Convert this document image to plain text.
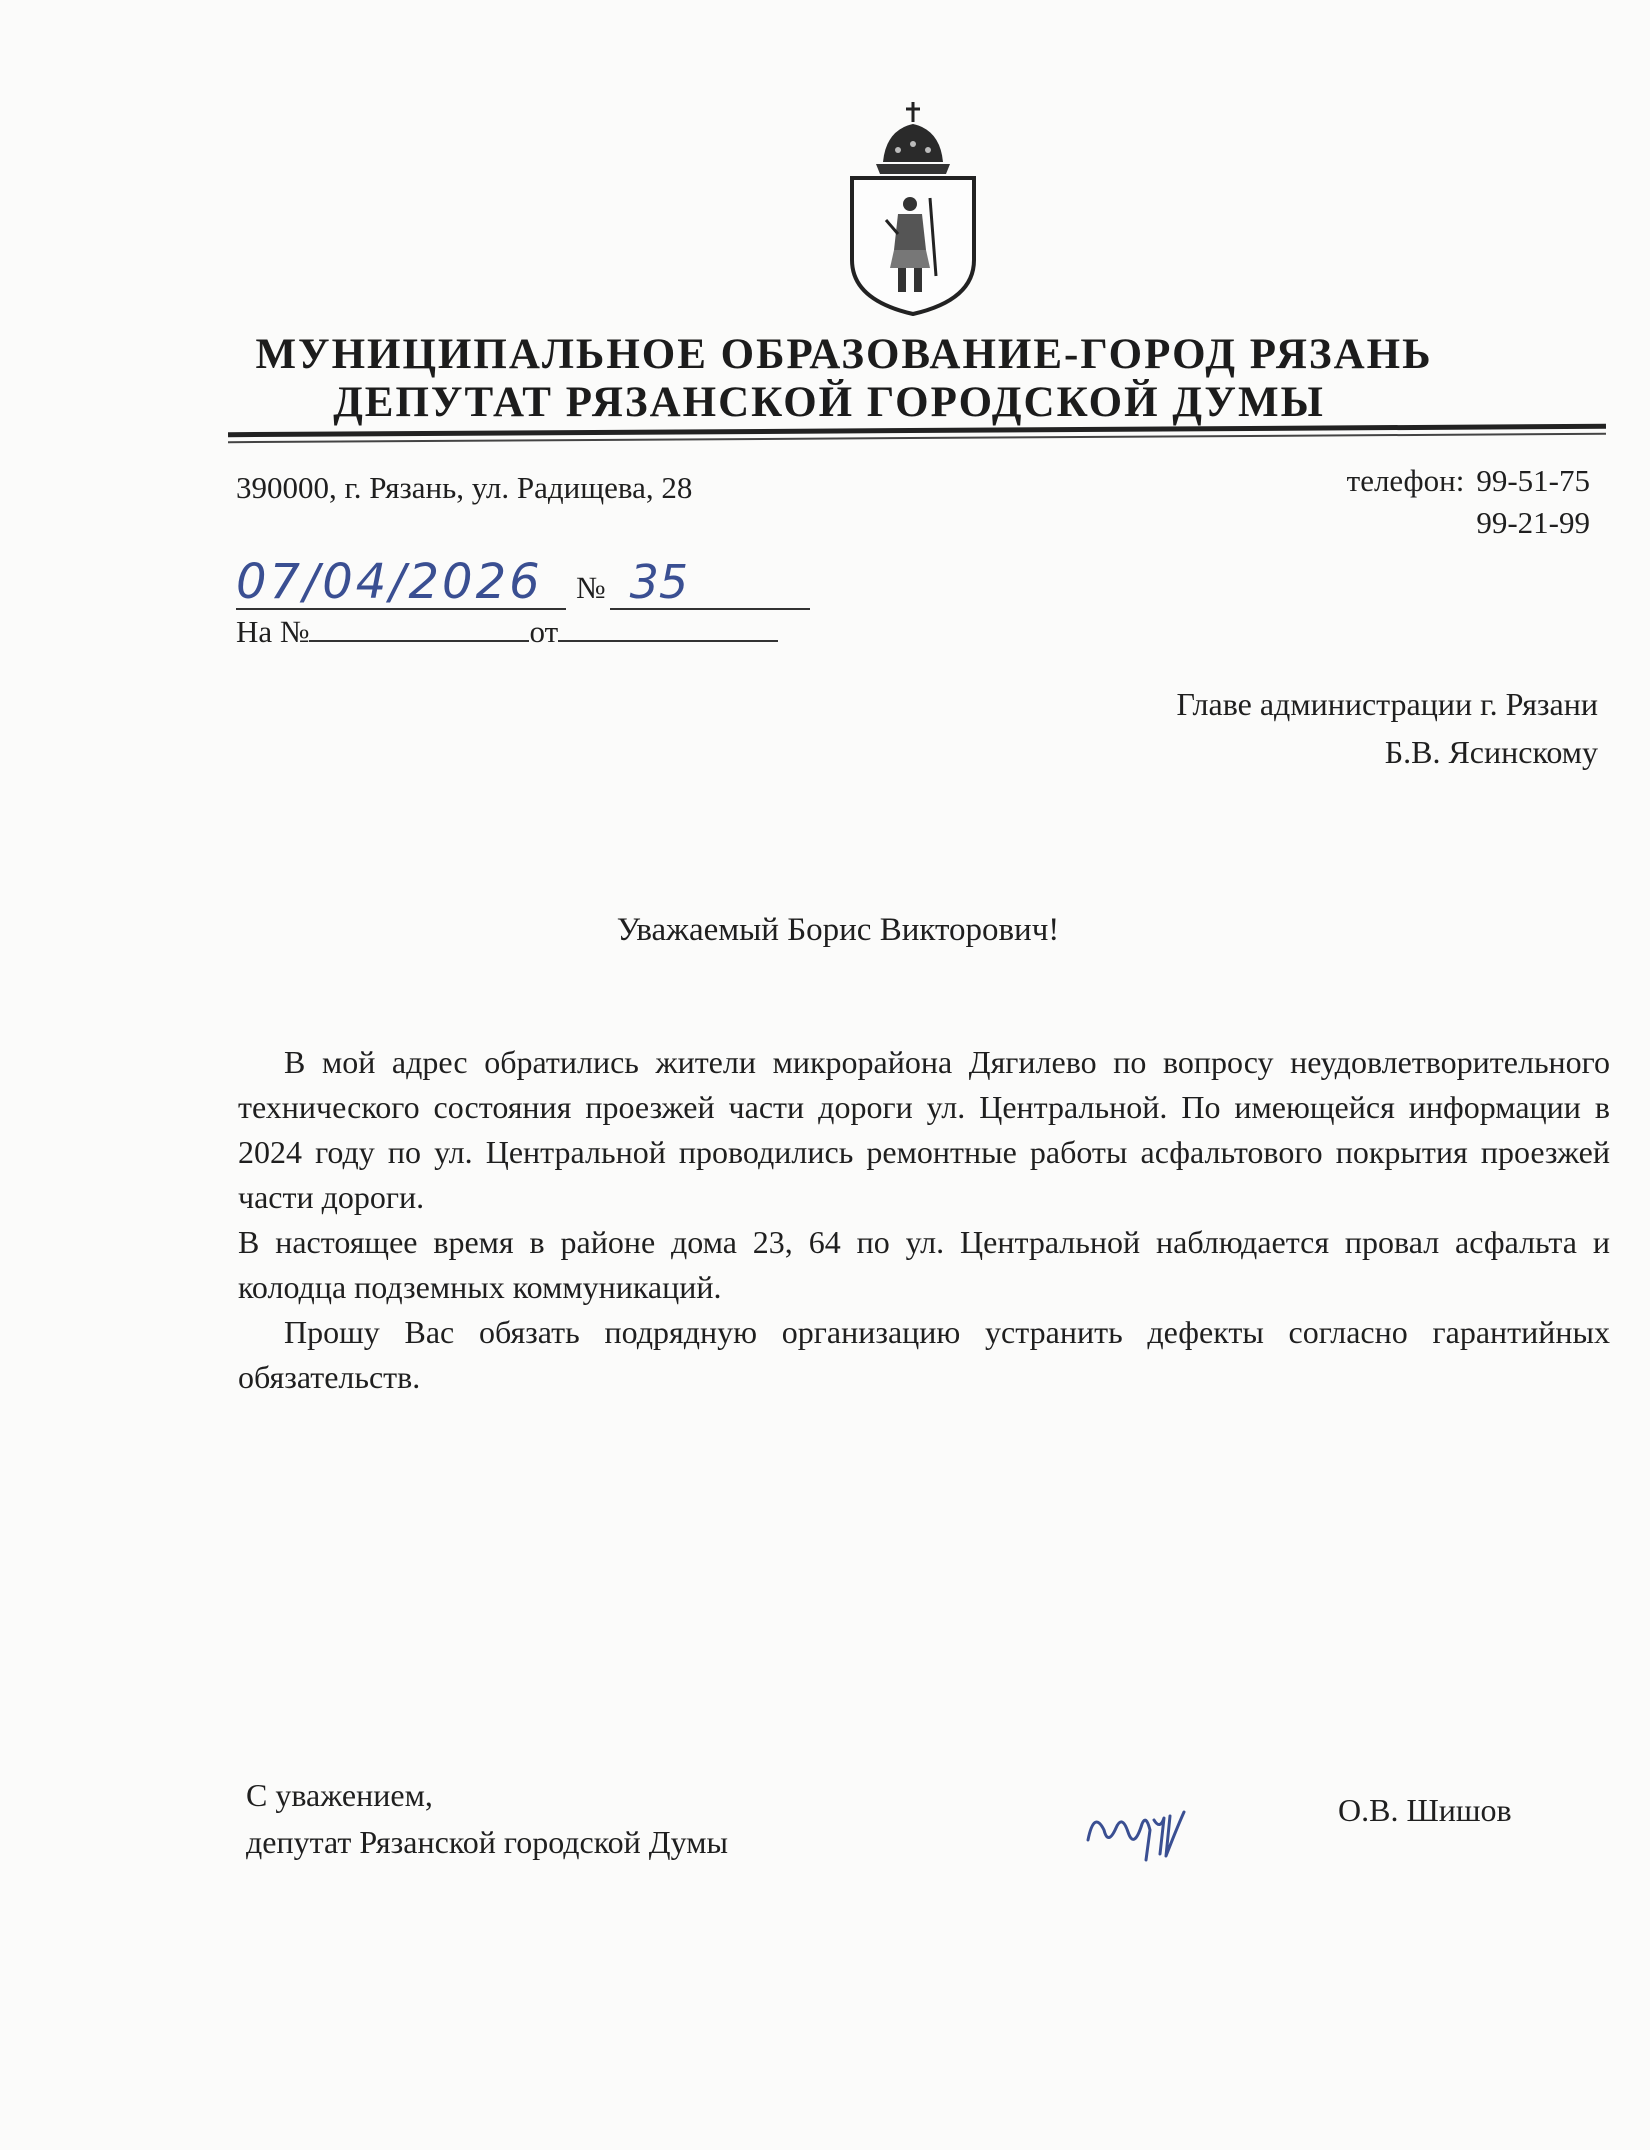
МУНИЦИПАЛЬНОЕ ОБРАЗОВАНИЕ-ГОРОД РЯЗАНЬ
ДЕПУТАТ РЯЗАНСКОЙ ГОРОДСКОЙ ДУМЫ
390000, г. Рязань, ул. Радищева, 28	телефон: 99-51-75
99-21-99
07/04/2026 № 35
На №	от
Главе администрации г. Рязани
Б.В. Ясинскому
Уважаемый Борис Викторович!

В мой адрес обратились жители микрорайона Дягилево по вопросу неудовлетворительного технического состояния проезжей части дороги ул. Центральной. По имеющейся информации в 2024 году по ул. Центральной проводились ремонтные работы асфальтового покрытия проезжей части дороги.

В настоящее время в районе дома 23, 64 по ул. Центральной наблюдается провал асфальта и колодца подземных коммуникаций.

Прошу Вас обязать подрядную организацию устранить дефекты согласно гарантийных обязательств.

С уважением,
депутат Рязанской городской Думы
О.В. Шишов
